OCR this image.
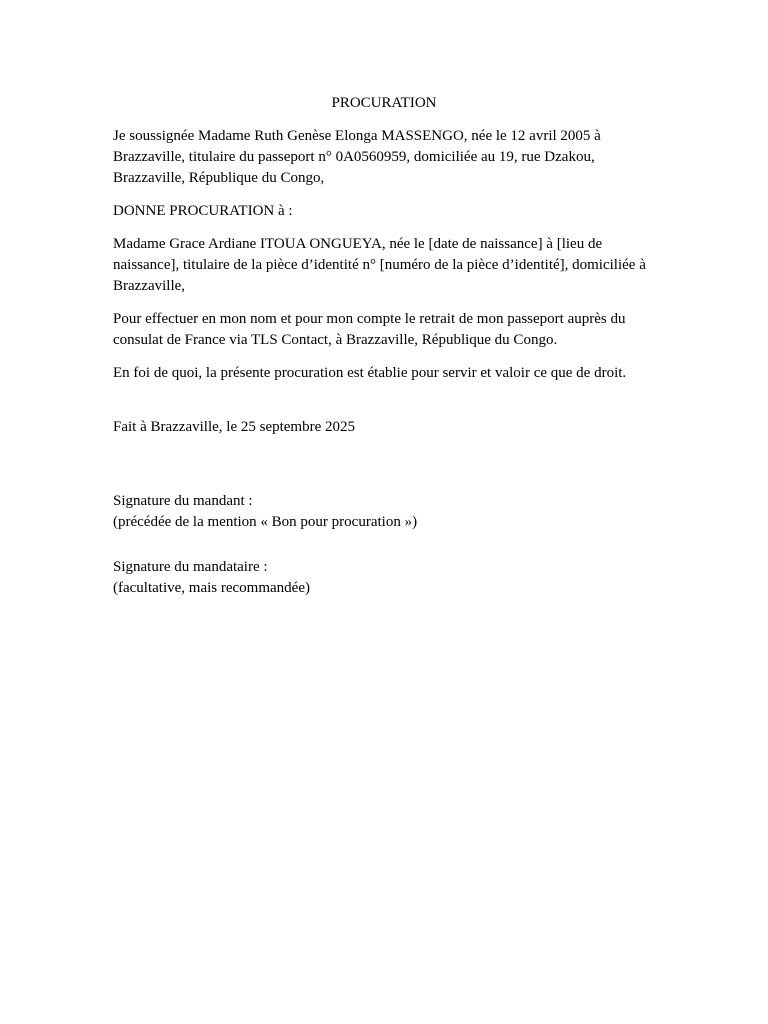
PROCURATION

Je soussignée Madame Ruth Genèse Elonga MASSENGO, née le 12 avril 2005 à Brazzaville, titulaire du passeport n° 0A0560959, domiciliée au 19, rue Dzakou, Brazzaville, République du Congo,

DONNE PROCURATION à :

Madame Grace Ardiane ITOUA ONGUEYA, née le [date de naissance] à [lieu de naissance], titulaire de la pièce d’identité n° [numéro de la pièce d’identité], domiciliée à Brazzaville,

Pour effectuer en mon nom et pour mon compte le retrait de mon passeport auprès du consulat de France via TLS Contact, à Brazzaville, République du Congo.

En foi de quoi, la présente procuration est établie pour servir et valoir ce que de droit.

Fait à Brazzaville, le 25 septembre 2025

Signature du mandant :
(précédée de la mention « Bon pour procuration »)
Signature du mandataire :
(facultative, mais recommandée)
